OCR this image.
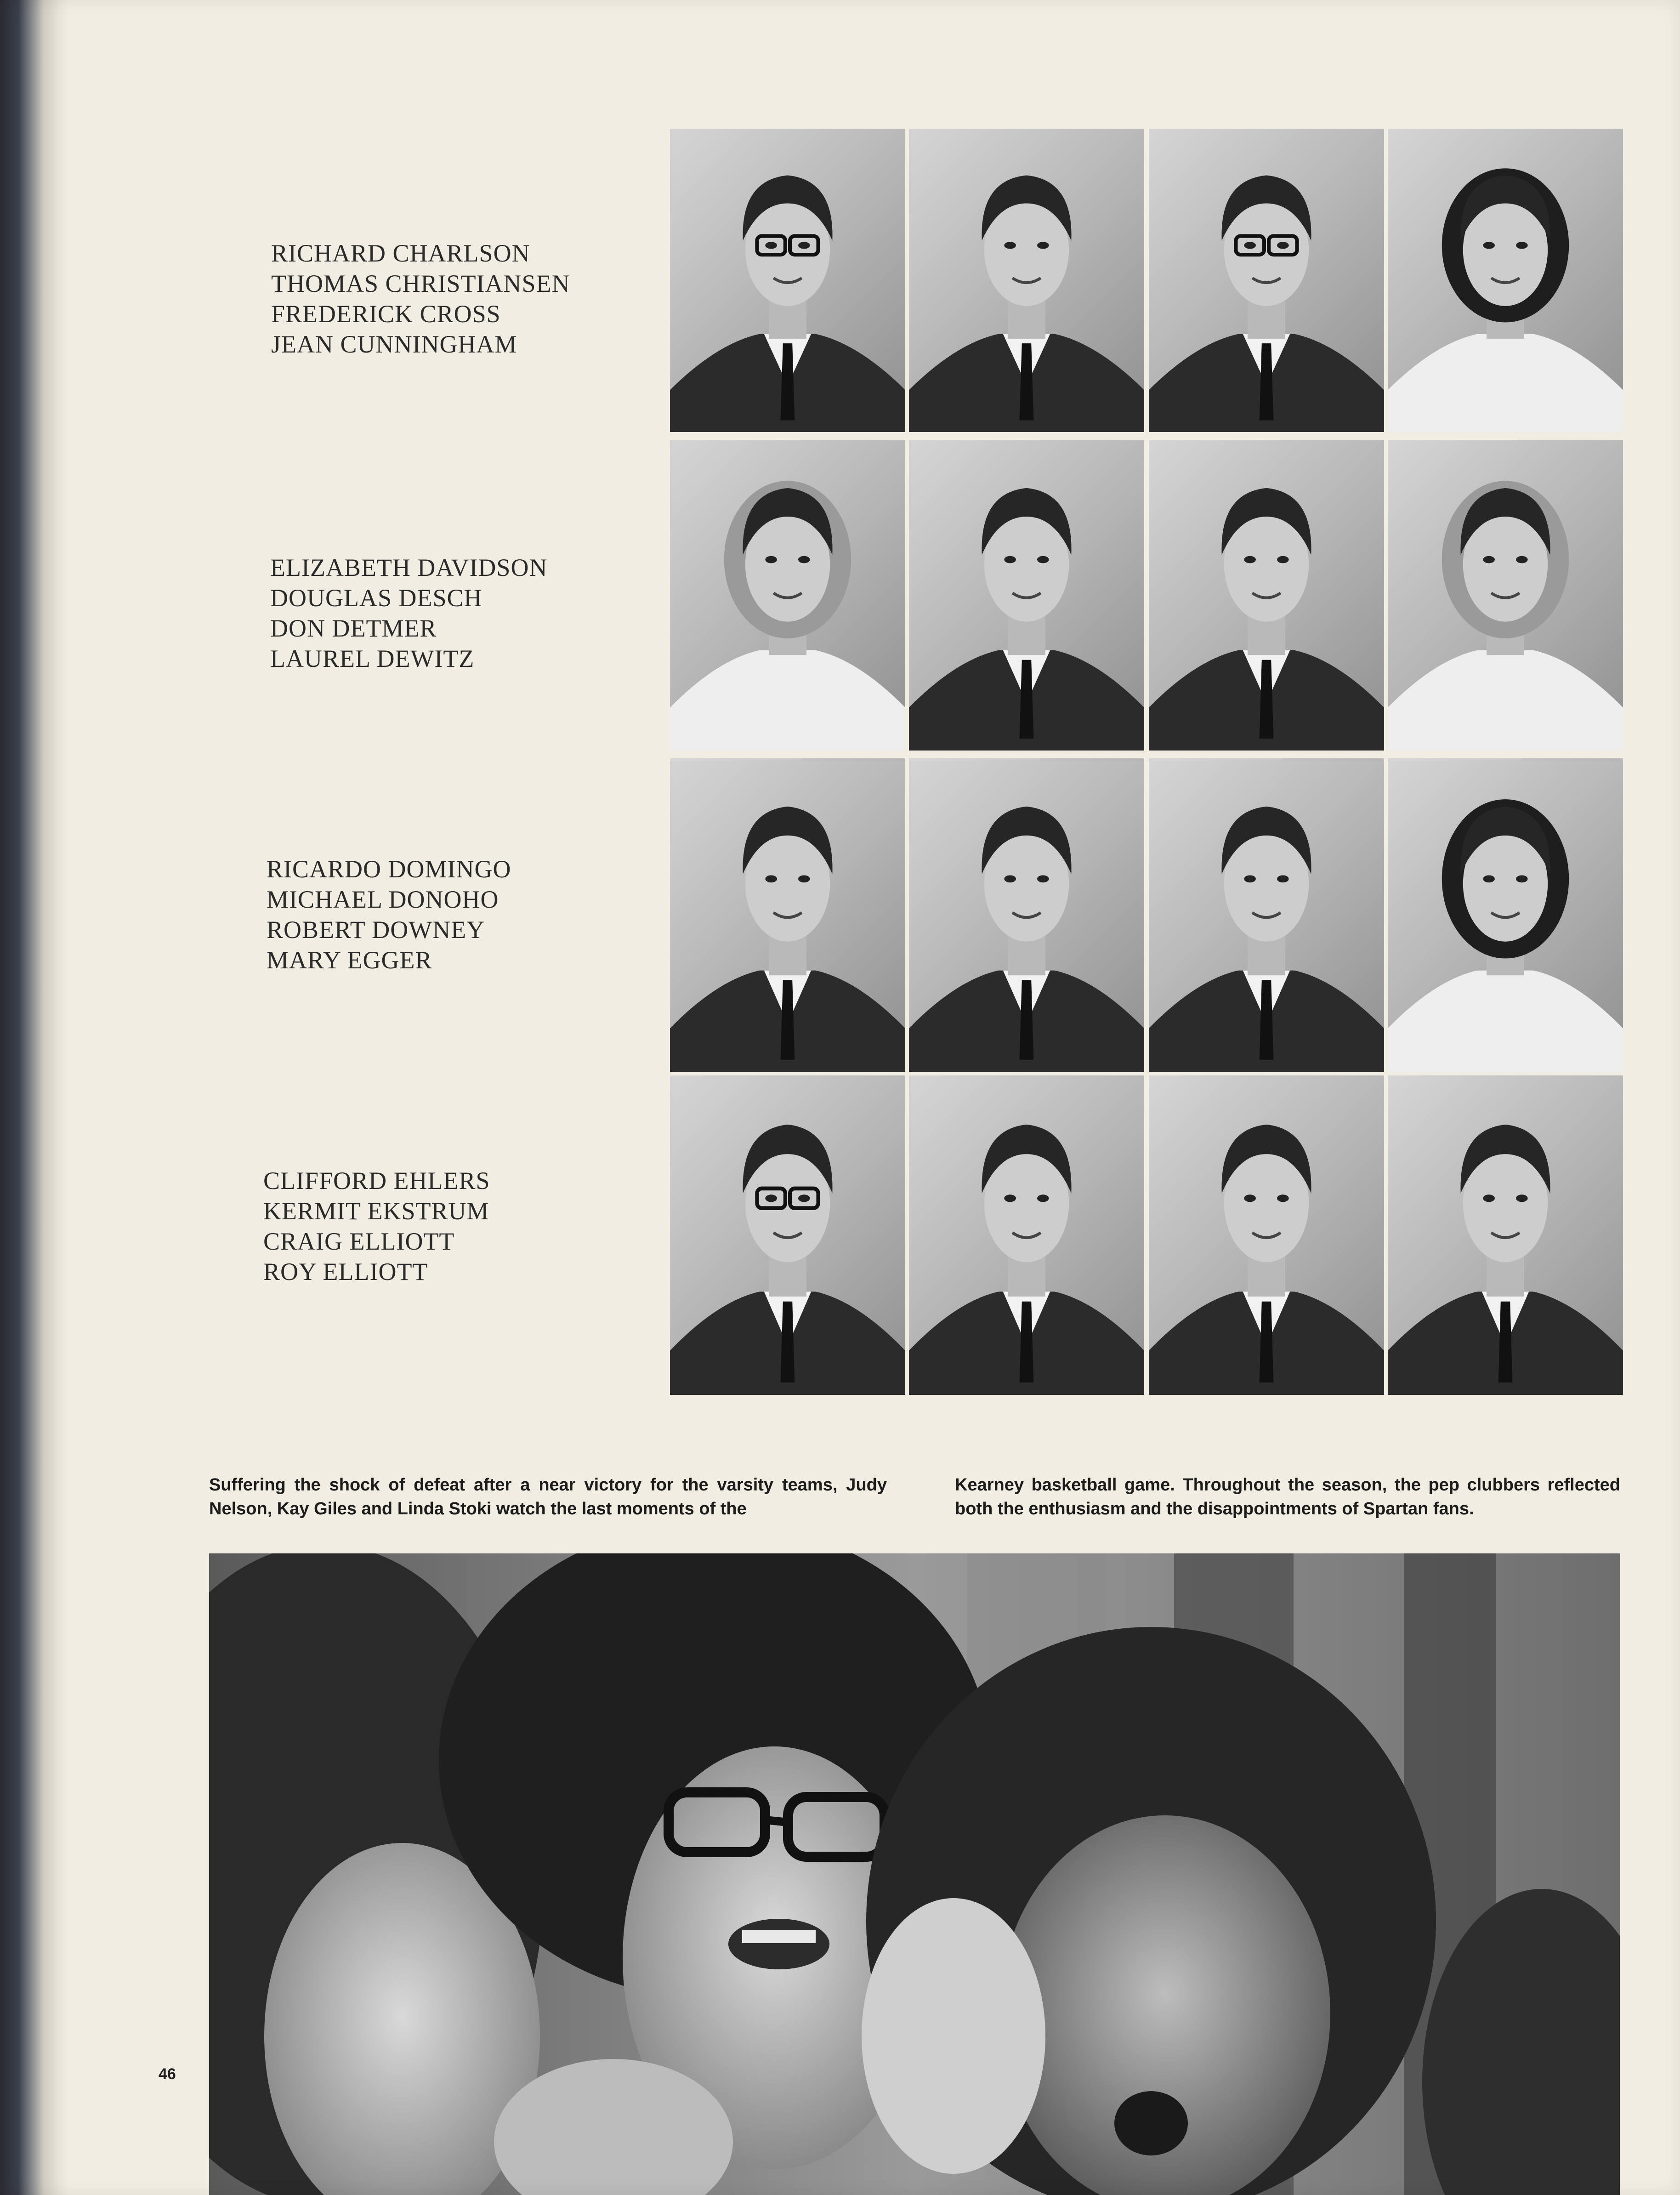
RICHARD CHARLSON
THOMAS CHRISTIANSEN
FREDERICK CROSS
JEAN CUNNINGHAM
ELIZABETH DAVIDSON
DOUGLAS DESCH
DON DETMER
LAUREL DEWITZ
RICARDO DOMINGO
MICHAEL DONOHO
ROBERT DOWNEY
MARY EGGER
CLIFFORD EHLERS
KERMIT EKSTRUM
CRAIG ELLIOTT
ROY ELLIOTT
Suffering the shock of defeat after a near victory for the varsity teams, Judy Nelson, Kay Giles and Linda Stoki watch the last moments of the
Kearney basketball game. Throughout the season, the pep clubbers reflected both the enthusiasm and the disappointments of Spartan fans.
46
